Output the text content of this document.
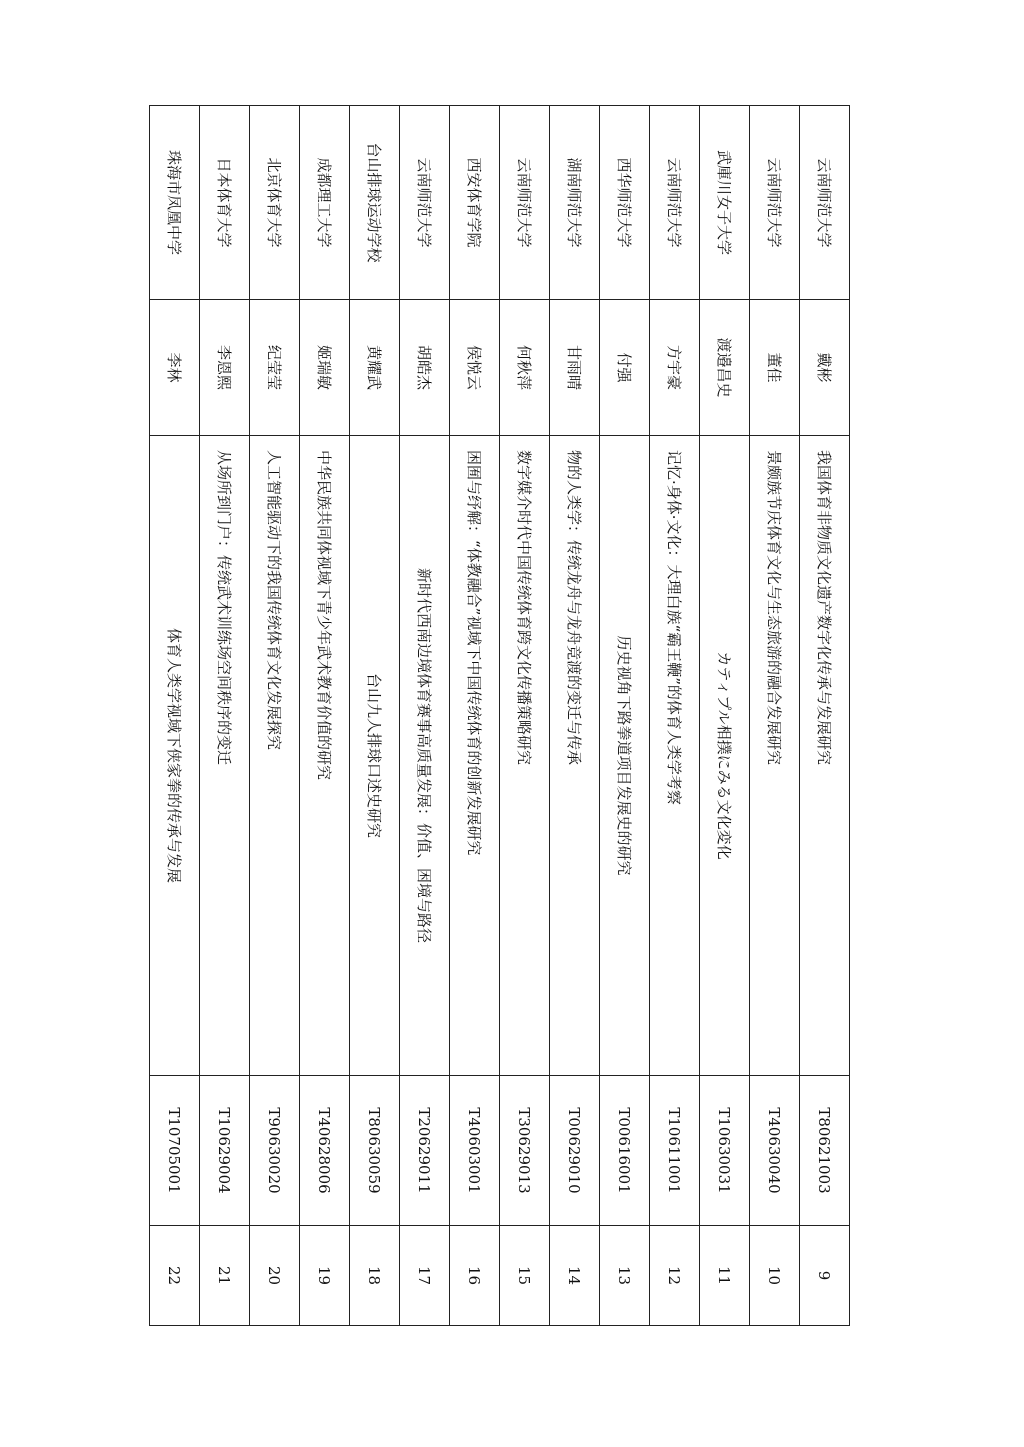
云南师范大学	戴彬	我国体育非物质文化遗产数字化传承与发展研究	T80621003	9
云南师范大学	董佳	景颇族节庆体育文化与生态旅游的融合发展研究	T40630040	10
武庫川女子大学	渡邉昌史	カティプル相撲にみる文化変化	T10630031	11
云南师范大学	方宇豪	记忆·身体·文化：大理白族“霸王鞭”的体育人类学考察	T10611001	12
西华师范大学	付强	历史视角下路拳道项目发展史的研究	T00616001	13
湖南师范大学	甘雨晴	物的人类学：传统龙舟与龙舟竞渡的变迁与传承	T00629010	14
云南师范大学	何秋萍	数字媒介时代中国传统体育跨文化传播策略研究	T30629013	15
西安体育学院	侯悦云	困囿与纾解：“体教融合”视域下中国传统体育的创新发展研究	T40603001	16
云南师范大学	胡皓杰	新时代西南边境体育赛事高质量发展：价值、困境与路径	T20629011	17
台山排球运动学校	黄耀武	台山九人排球口述史研究	T80630059	18
成都理工大学	姬瑞敏	中华民族共同体视域下青少年武术教育价值的研究	T40628006	19
北京体育大学	纪莹莹	人工智能驱动下的我国传统体育文化发展探究	T90630020	20
日本体育大学	李恩熙	从场所到门户：传统武术训练场空间秩序的变迁	T10629004	21
珠海市凤凰中学	李林	体育人类学视域下侠家拳的传承与发展	T10705001	22
